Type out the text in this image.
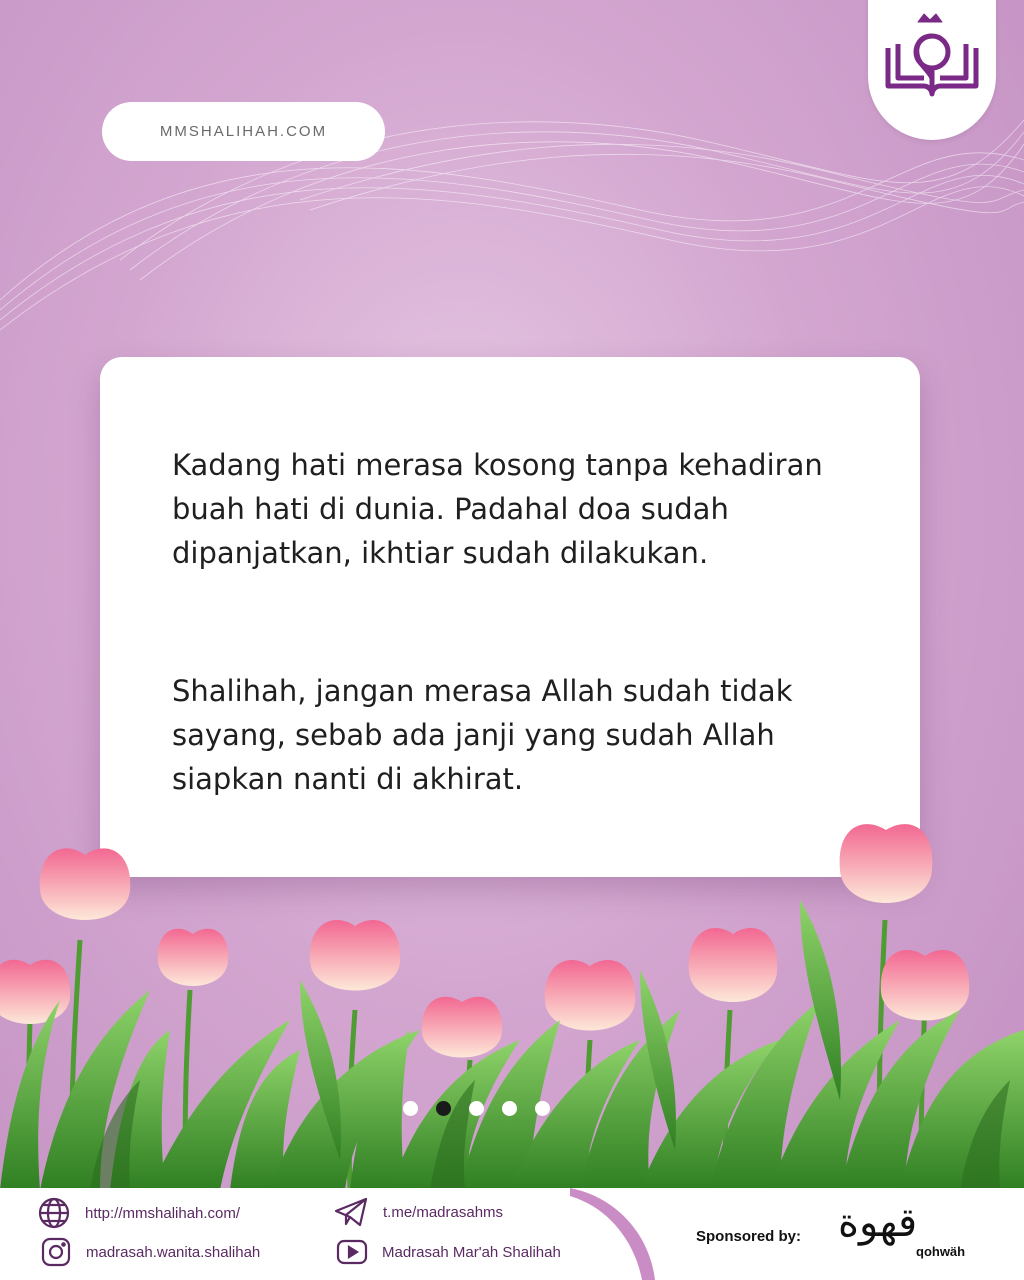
MMSHALIHAH.COM

Kadang hati merasa kosong tanpa kehadiran buah hati di dunia. Padahal doa sudah dipanjatkan, ikhtiar sudah dilakukan.

Shalihah, jangan merasa Allah sudah tidak sayang, sebab ada janji yang sudah Allah siapkan nanti di akhirat.

http://mmshalihah.com/
madrasah.wanita.shalihah
t.me/madrasahms
Madrasah Mar'ah Shalihah
Sponsored by: قهوة
qohwäh
